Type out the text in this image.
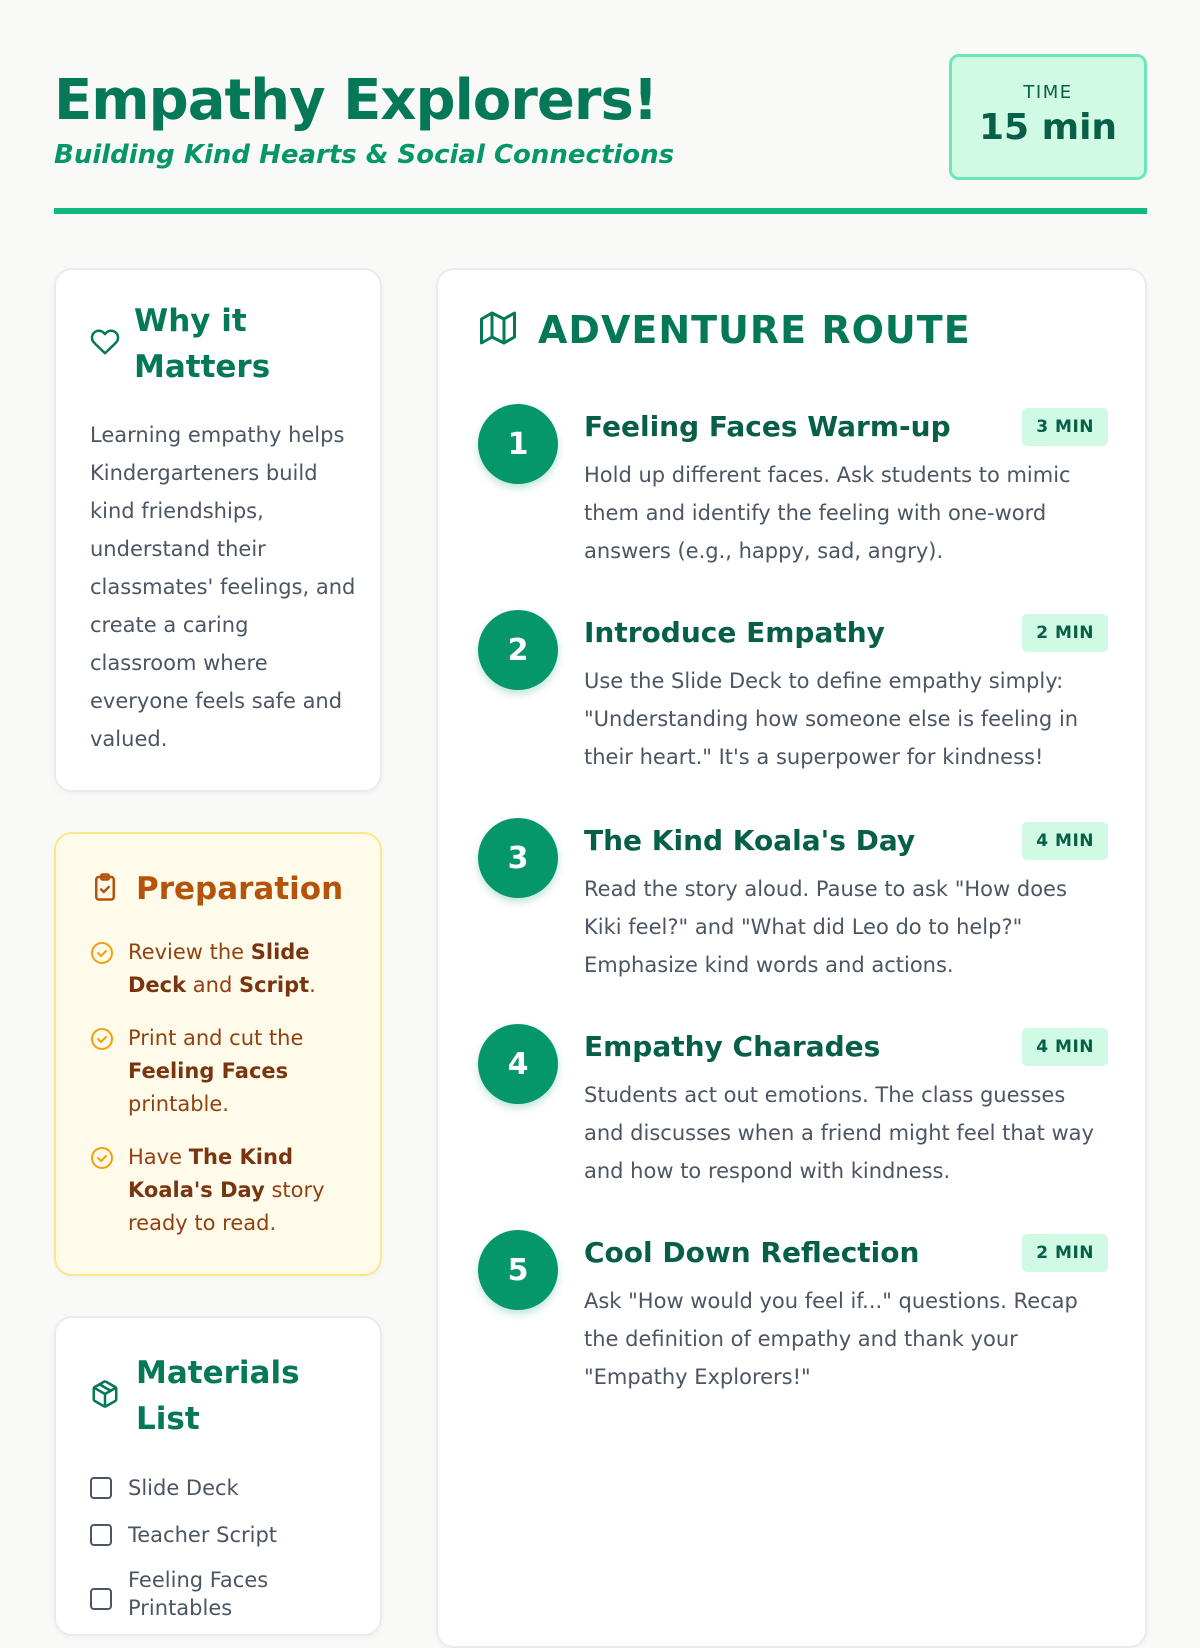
Empathy Explorers!
Building Kind Hearts & Social Connections
TIME
15 min
Why it
Matters
Learning empathy helps Kindergarteners build kind friendships, understand their classmates' feelings, and create a caring classroom where everyone feels safe and valued.
Preparation
Review the Slide Deck and Script.
Print and cut the Feeling Faces printable.
Have The Kind Koala's Day story ready to read.
Materials
List
Slide Deck
Teacher Script
Feeling Faces Printables
ADVENTURE ROUTE
1	Feeling Faces Warm-up	3 MIN
Hold up different faces. Ask students to mimic them and identify the feeling with one-word answers (e.g., happy, sad, angry).
2	Introduce Empathy	2 MIN
Use the Slide Deck to define empathy simply: "Understanding how someone else is feeling in their heart." It's a superpower for kindness!
3	The Kind Koala's Day	4 MIN
Read the story aloud. Pause to ask "How does Kiki feel?" and "What did Leo do to help?" Emphasize kind words and actions.
4	Empathy Charades	4 MIN
Students act out emotions. The class guesses and discusses when a friend might feel that way and how to respond with kindness.
5	Cool Down Reflection	2 MIN
Ask "How would you feel if..." questions. Recap the definition of empathy and thank your "Empathy Explorers!"
